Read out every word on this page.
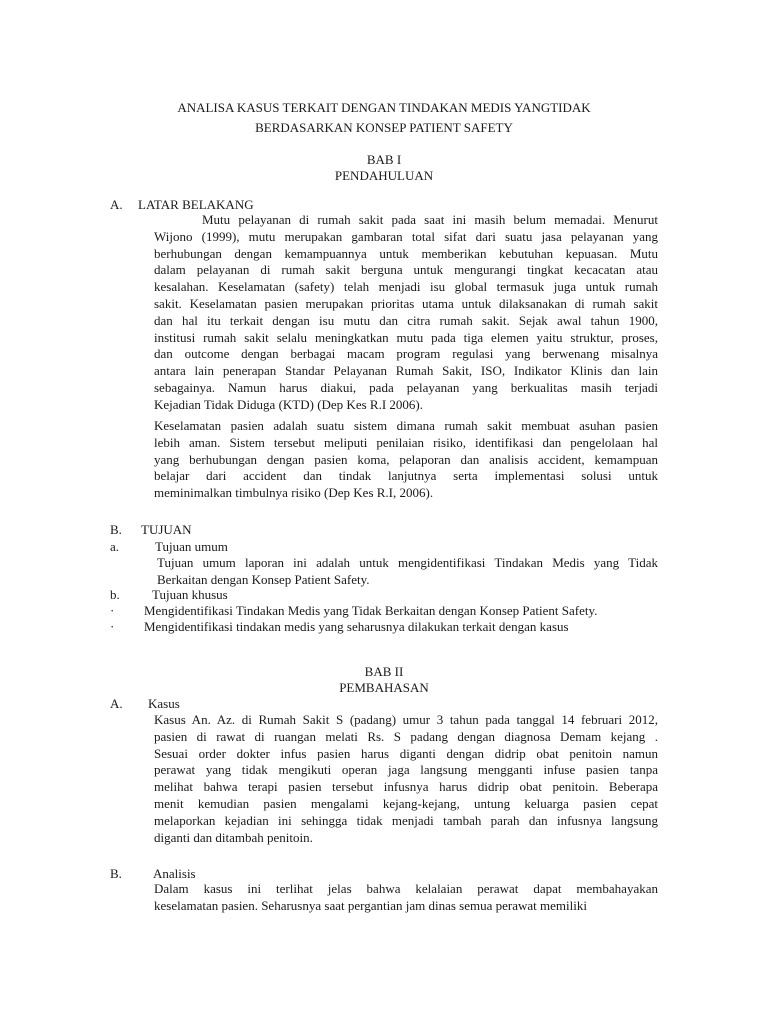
ANALISA KASUS TERKAIT DENGAN TINDAKAN MEDIS YANGTIDAK
BERDASARKAN KONSEP PATIENT SAFETY
BAB I
PENDAHULUAN
A. LATAR BELAKANG
Mutu pelayanan di rumah sakit pada saat ini masih belum memadai. Menurut
Wijono (1999), mutu merupakan gambaran total sifat dari suatu jasa pelayanan yang
berhubungan dengan kemampuannya untuk memberikan kebutuhan kepuasan. Mutu
dalam pelayanan di rumah sakit berguna untuk mengurangi tingkat kecacatan atau
kesalahan. Keselamatan (safety) telah menjadi isu global termasuk juga untuk rumah
sakit. Keselamatan pasien merupakan prioritas utama untuk dilaksanakan di rumah sakit
dan hal itu terkait dengan isu mutu dan citra rumah sakit. Sejak awal tahun 1900,
institusi rumah sakit selalu meningkatkan mutu pada tiga elemen yaitu struktur, proses,
dan outcome dengan berbagai macam program regulasi yang berwenang misalnya
antara lain penerapan Standar Pelayanan Rumah Sakit, ISO, Indikator Klinis dan lain
sebagainya. Namun harus diakui, pada pelayanan yang berkualitas masih terjadi
Kejadian Tidak Diduga (KTD) (Dep Kes R.I 2006).
Keselamatan pasien adalah suatu sistem dimana rumah sakit membuat asuhan pasien
lebih aman. Sistem tersebut meliputi penilaian risiko, identifikasi dan pengelolaan hal
yang berhubungan dengan pasien koma, pelaporan dan analisis accident, kemampuan
belajar dari accident dan tindak lanjutnya serta implementasi solusi untuk
meminimalkan timbulnya risiko (Dep Kes R.I, 2006).
B. TUJUAN
a.	Tujuan umum
Tujuan umum laporan ini adalah untuk mengidentifikasi Tindakan Medis yang Tidak
Berkaitan dengan Konsep Patient Safety.
b. Tujuan khusus
· Mengidentifikasi Tindakan Medis yang Tidak Berkaitan dengan Konsep Patient Safety.
· Mengidentifikasi tindakan medis yang seharusnya dilakukan terkait dengan kasus
BAB II
PEMBAHASAN
A. Kasus
Kasus An. Az. di Rumah Sakit S (padang) umur 3 tahun pada tanggal 14 februari 2012,
pasien di rawat di ruangan melati Rs. S padang dengan diagnosa Demam kejang .
Sesuai order dokter infus pasien harus diganti dengan didrip obat penitoin namun
perawat yang tidak mengikuti operan jaga langsung mengganti infuse pasien tanpa
melihat bahwa terapi pasien tersebut infusnya harus didrip obat penitoin. Beberapa
menit kemudian pasien mengalami kejang-kejang, untung keluarga pasien cepat
melaporkan kejadian ini sehingga tidak menjadi tambah parah dan infusnya langsung
diganti dan ditambah penitoin.
B. Analisis
Dalam kasus ini terlihat jelas bahwa kelalaian perawat dapat membahayakan
keselamatan pasien. Seharusnya saat pergantian jam dinas semua perawat memiliki
